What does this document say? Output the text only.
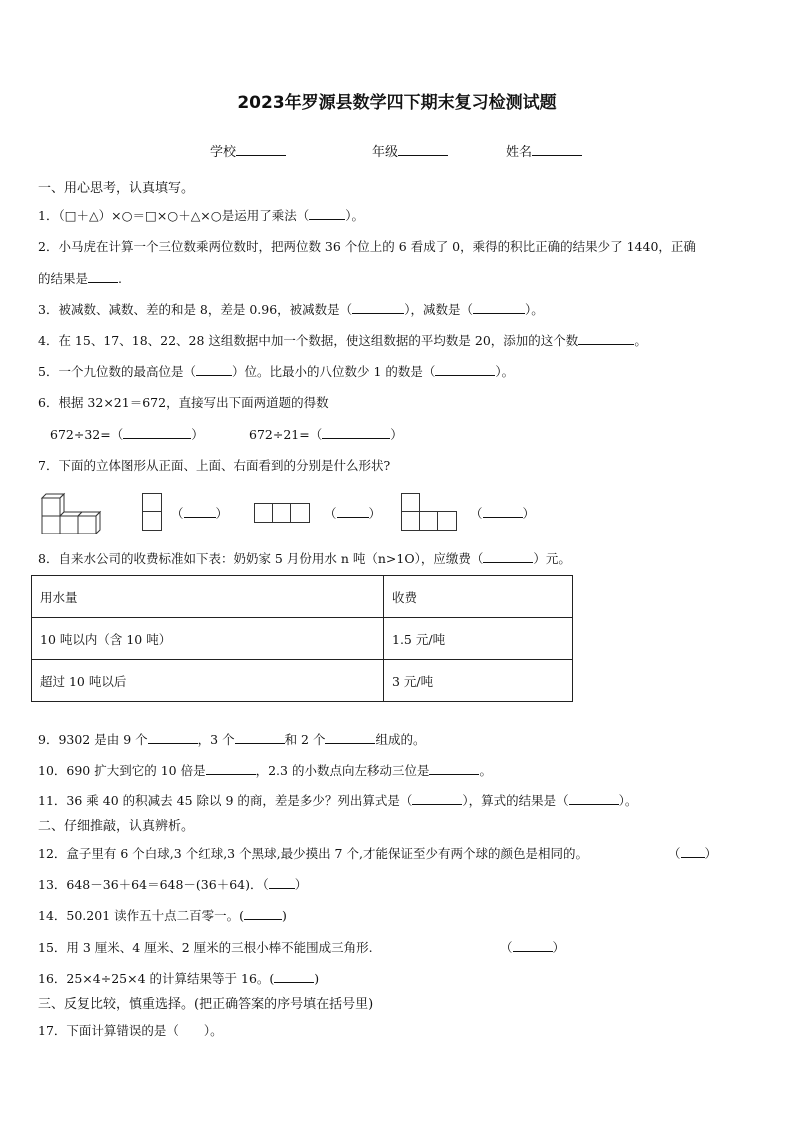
2023年罗源县数学四下期末复习检测试题
学校	年级	姓名
一、用心思考，认真填写。
1．（□＋△）×○＝□×○＋△×○是运用了乘法（	）。
2．小马虎在计算一个三位数乘两位数时，把两位数 36 个位上的 6 看成了 0，乘得的积比正确的结果少了 1440，正确
的结果是 .
3．被减数、减数、差的和是 8，差是 0.96，被减数是（	），减数是（	）。
4．在 15、17、18、22、28 这组数据中加一个数据，使这组数据的平均数是 20，添加的这个数	。
5．一个九位数的最高位是（	）位。比最小的八位数少 1 的数是（	）。
6．根据 32×21＝672，直接写出下面两道题的得数
672÷32=（	）	672÷21=（	）
7．下面的立体图形从正面、上面、右面看到的分别是什么形状?
（	）	（	）	（	）
8．自来水公司的收费标准如下表：奶奶家 5 月份用水 n 吨（n>1O），应缴费（	）元。
用水量	收费
10 吨以内（含 10 吨）	1.5 元/吨
超过 10 吨以后	3 元/吨
9．9302 是由 9 个	，3 个	和 2 个	组成的。
10．690 扩大到它的 10 倍是	，2.3 的小数点向左移动三位是	。
11．36 乘 40 的积减去 45 除以 9 的商，差是多少？列出算式是（	），算式的结果是（	）。
二、仔细推敲，认真辨析。
12．盒子里有 6 个白球,3 个红球,3 个黑球,最少摸出 7 个,才能保证至少有两个球的颜色是相同的。	（ ）
13．648－36＋64＝648－(36＋64)．（ ）
14．50.201 读作五十点二百零一。(	)
15．用 3 厘米、4 厘米、2 厘米的三根小棒不能围成三角形.	（	）
16．25×4÷25×4 的计算结果等于 16。(	)
三、反复比较，慎重选择。(把正确答案的序号填在括号里)
17．下面计算错误的是（　　）。
